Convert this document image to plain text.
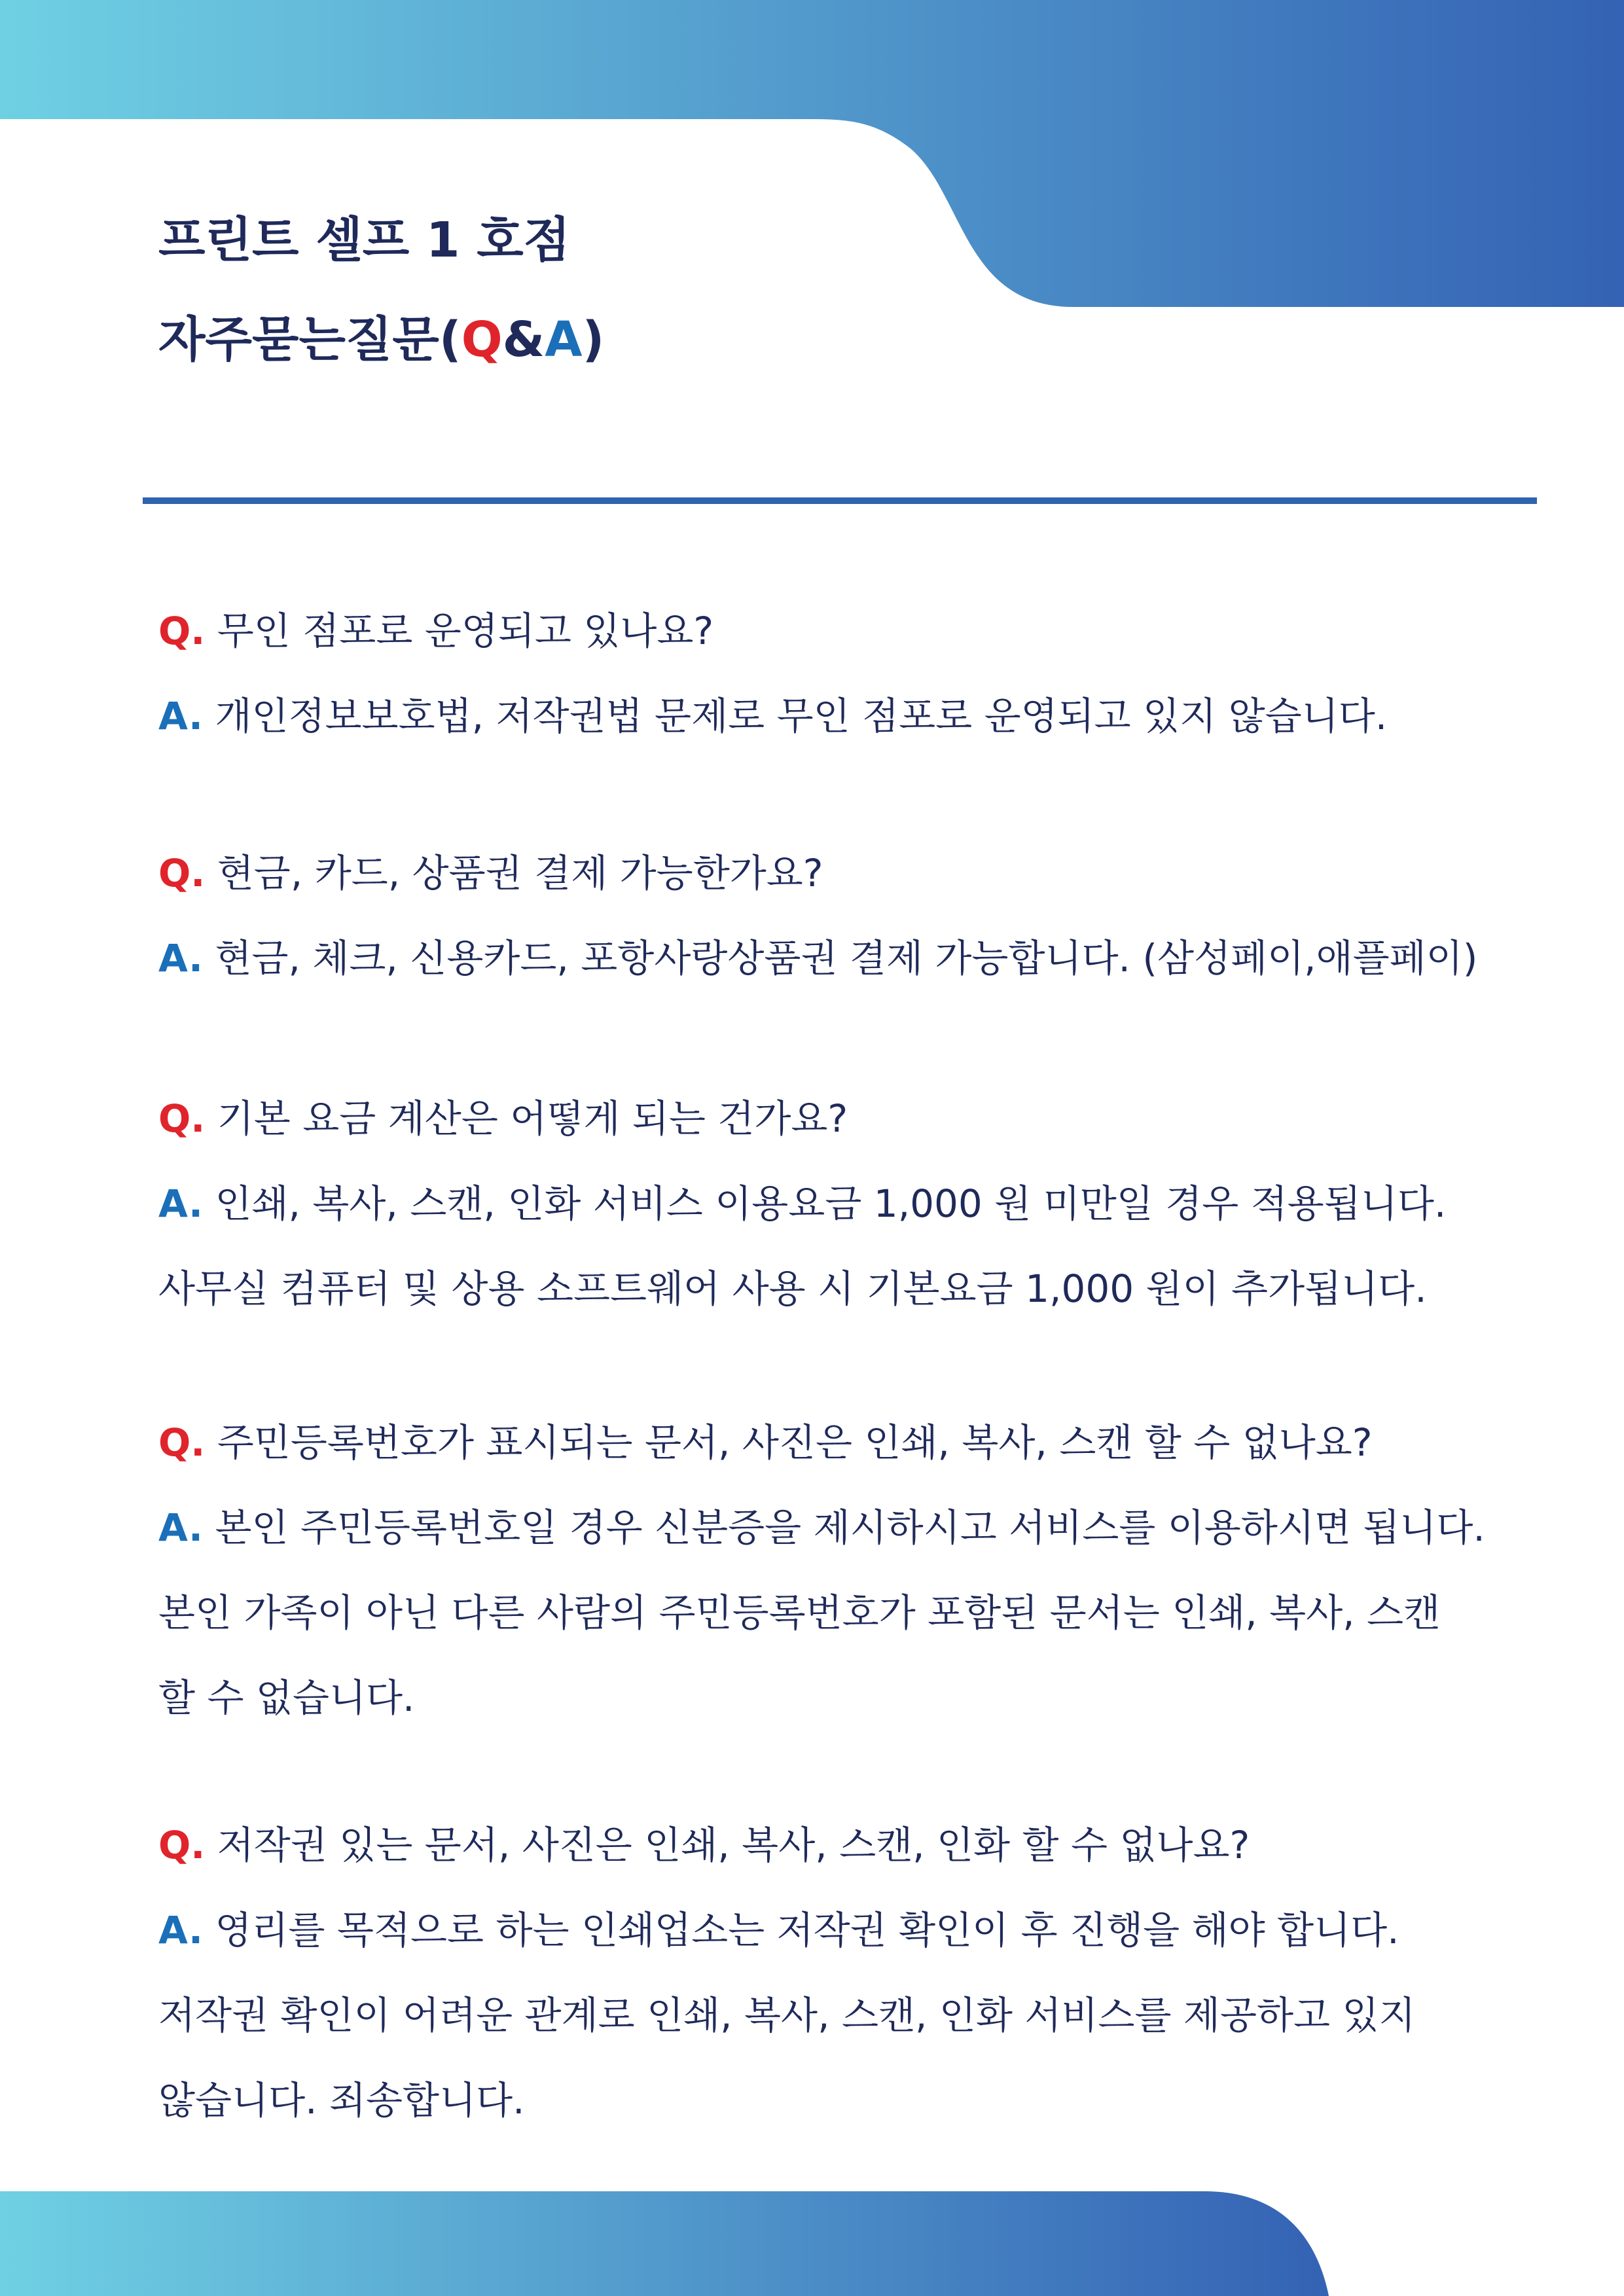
프린트 셀프 1 호점
자주묻는질문(Q&A)
Q. 무인 점포로 운영되고 있나요?
A. 개인정보보호법, 저작권법 문제로 무인 점포로 운영되고 있지 않습니다.
Q. 현금, 카드, 상품권 결제 가능한가요?
A. 현금, 체크, 신용카드, 포항사랑상품권 결제 가능합니다. (삼성페이,애플페이)
Q. 기본 요금 계산은 어떻게 되는 건가요?
A. 인쇄, 복사, 스캔, 인화 서비스 이용요금 1,000 원 미만일 경우 적용됩니다.
사무실 컴퓨터 및 상용 소프트웨어 사용 시 기본요금 1,000 원이 추가됩니다.
Q. 주민등록번호가 표시되는 문서, 사진은 인쇄, 복사, 스캔 할 수 없나요?
A. 본인 주민등록번호일 경우 신분증을 제시하시고 서비스를 이용하시면 됩니다.
본인 가족이 아닌 다른 사람의 주민등록번호가 포함된 문서는 인쇄, 복사, 스캔
할 수 없습니다.
Q. 저작권 있는 문서, 사진은 인쇄, 복사, 스캔, 인화 할 수 없나요?
A. 영리를 목적으로 하는 인쇄업소는 저작권 확인이 후 진행을 해야 합니다.
저작권 확인이 어려운 관계로 인쇄, 복사, 스캔, 인화 서비스를 제공하고 있지
않습니다. 죄송합니다.
